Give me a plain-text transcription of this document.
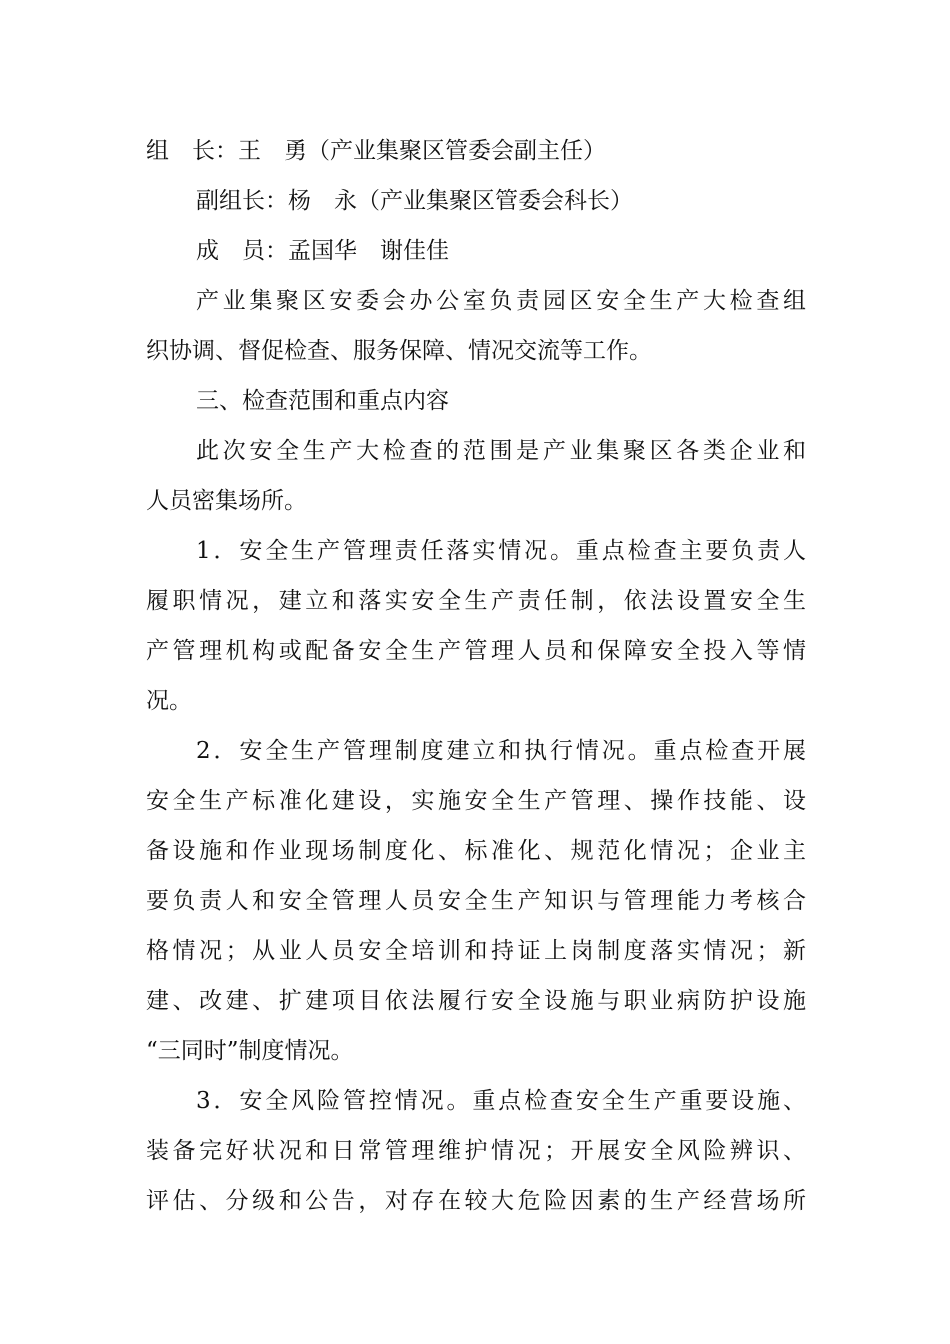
组　长：王　勇（产业集聚区管委会副主任）
副组长：杨　永（产业集聚区管委会科长）
成　员：孟国华　谢佳佳
产业集聚区安委会办公室负责园区安全生产大检查组
织协调、督促检查、服务保障、情况交流等工作。
三、检查范围和重点内容
此次安全生产大检查的范围是产业集聚区各类企业和
人员密集场所。
1．安全生产管理责任落实情况。重点检查主要负责人
履职情况，建立和落实安全生产责任制，依法设置安全生
产管理机构或配备安全生产管理人员和保障安全投入等情
况。
2．安全生产管理制度建立和执行情况。重点检查开展
安全生产标准化建设，实施安全生产管理、操作技能、设
备设施和作业现场制度化、标准化、规范化情况；企业主
要负责人和安全管理人员安全生产知识与管理能力考核合
格情况；从业人员安全培训和持证上岗制度落实情况；新
建、改建、扩建项目依法履行安全设施与职业病防护设施
“三同时”制度情况。
3．安全风险管控情况。重点检查安全生产重要设施、
装备完好状况和日常管理维护情况；开展安全风险辨识、
评估、分级和公告，对存在较大危险因素的生产经营场所
